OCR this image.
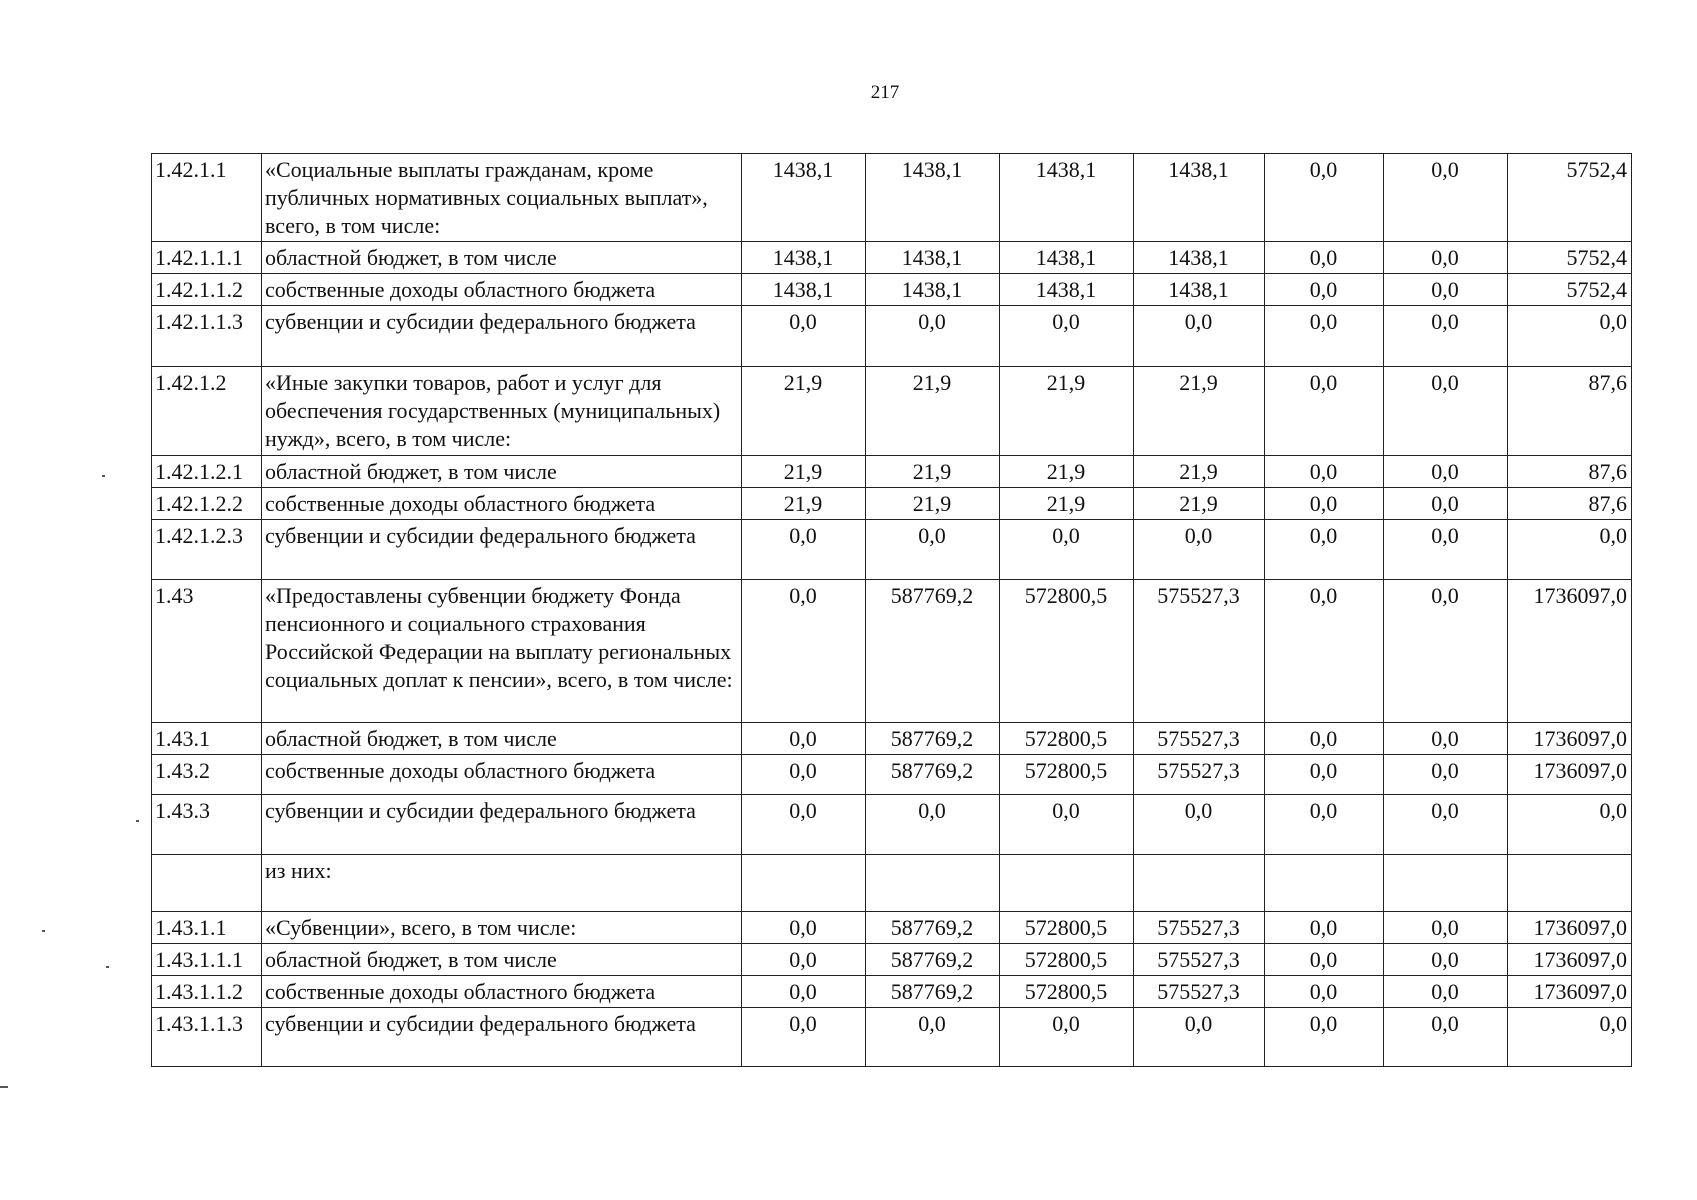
217
1.42.1.1	«Социальные выплаты гражданам, кроме публичных нормативных социальных выплат», всего, в том числе:	1438,1	1438,1	1438,1	1438,1	0,0	0,0	5752,4
1.42.1.1.1	областной бюджет, в том числе	1438,1	1438,1	1438,1	1438,1	0,0	0,0	5752,4
1.42.1.1.2	собственные доходы областного бюджета	1438,1	1438,1	1438,1	1438,1	0,0	0,0	5752,4
1.42.1.1.3	субвенции и субсидии федерального бюджета	0,0	0,0	0,0	0,0	0,0	0,0	0,0
1.42.1.2	«Иные закупки товаров, работ и услуг для обеспечения государственных (муниципальных) нужд», всего, в том числе:	21,9	21,9	21,9	21,9	0,0	0,0	87,6
1.42.1.2.1	областной бюджет, в том числе	21,9	21,9	21,9	21,9	0,0	0,0	87,6
1.42.1.2.2	собственные доходы областного бюджета	21,9	21,9	21,9	21,9	0,0	0,0	87,6
1.42.1.2.3	субвенции и субсидии федерального бюджета	0,0	0,0	0,0	0,0	0,0	0,0	0,0
1.43	«Предоставлены субвенции бюджету Фонда пенсионного и социального страхования Российской Федерации на выплату региональных социальных доплат к пенсии», всего, в том числе:	0,0	587769,2	572800,5	575527,3	0,0	0,0	1736097,0
1.43.1	областной бюджет, в том числе	0,0	587769,2	572800,5	575527,3	0,0	0,0	1736097,0
1.43.2	собственные доходы областного бюджета	0,0	587769,2	572800,5	575527,3	0,0	0,0	1736097,0
1.43.3	субвенции и субсидии федерального бюджета	0,0	0,0	0,0	0,0	0,0	0,0	0,0
	из них:							
1.43.1.1	«Субвенции», всего, в том числе:	0,0	587769,2	572800,5	575527,3	0,0	0,0	1736097,0
1.43.1.1.1	областной бюджет, в том числе	0,0	587769,2	572800,5	575527,3	0,0	0,0	1736097,0
1.43.1.1.2	собственные доходы областного бюджета	0,0	587769,2	572800,5	575527,3	0,0	0,0	1736097,0
1.43.1.1.3	субвенции и субсидии федерального бюджета	0,0	0,0	0,0	0,0	0,0	0,0	0,0
